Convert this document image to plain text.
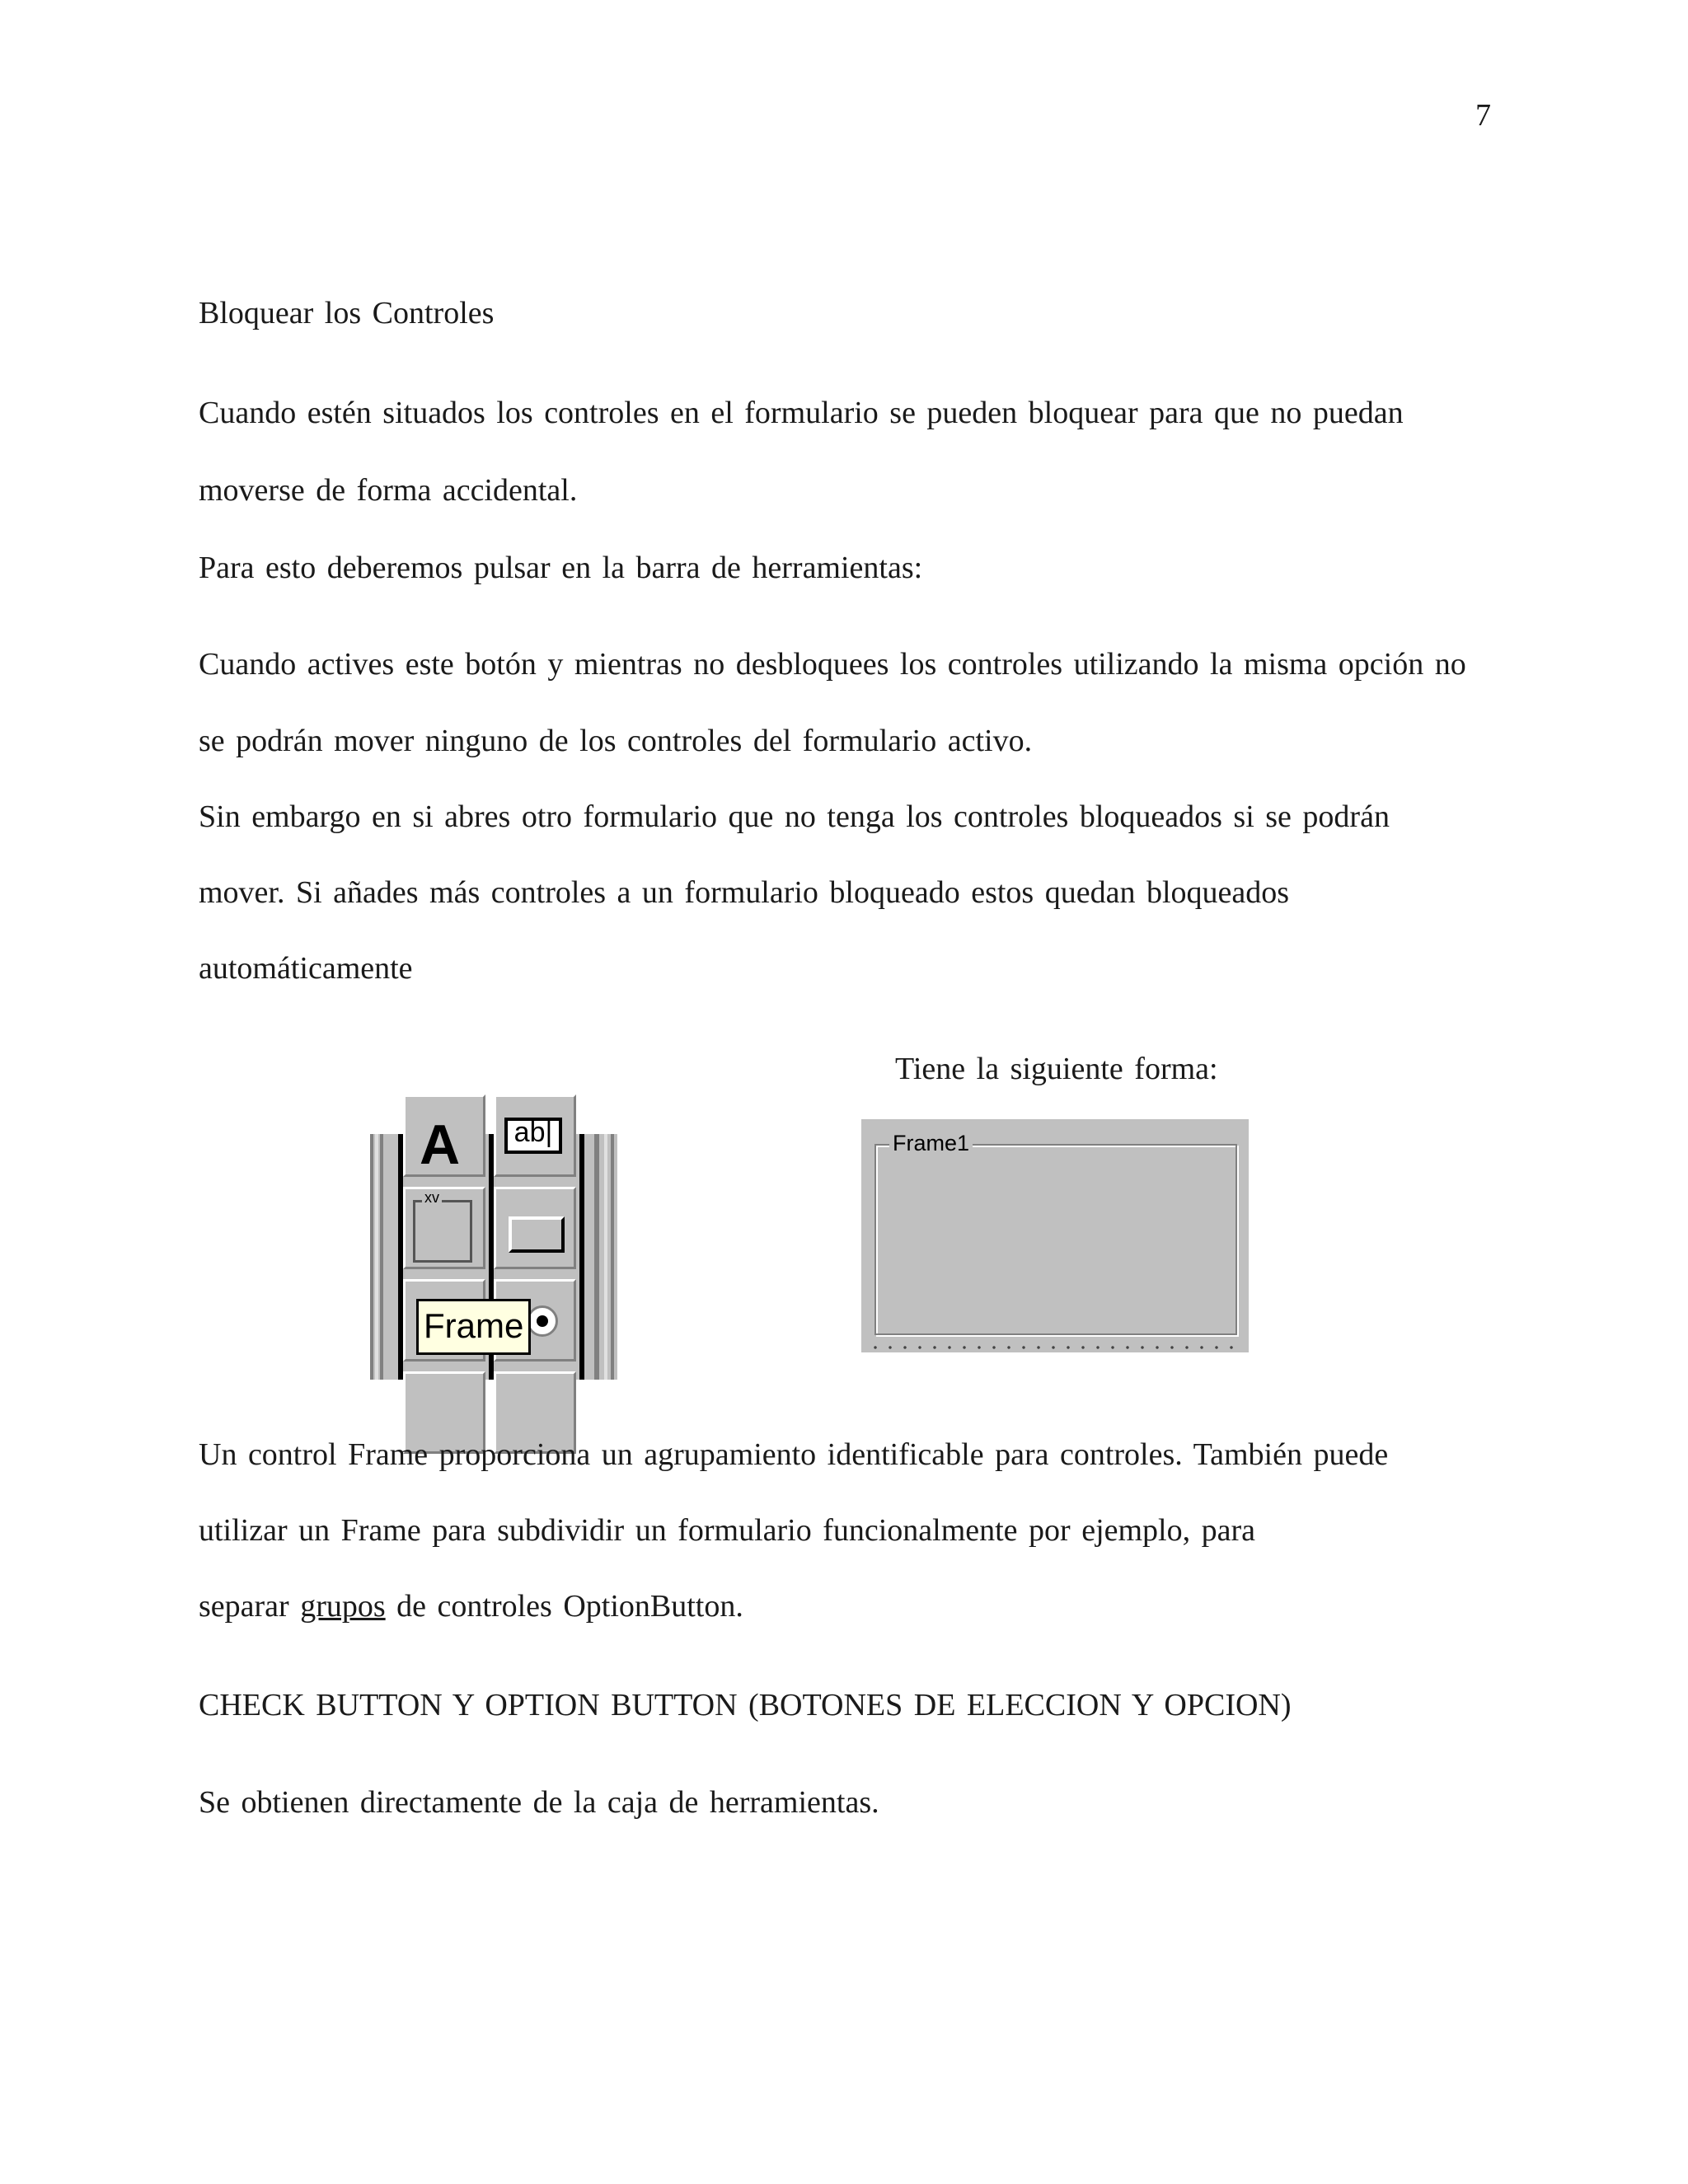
7

Bloquear los Controles

Cuando estén situados los controles en el formulario se pueden bloquear para que no puedan

moverse de forma accidental.

Para esto deberemos pulsar en la barra de herramientas:

Cuando actives este botón y mientras no desbloquees los controles utilizando la misma opción no

se podrán mover ninguno de los controles del formulario activo.

Sin embargo en si abres otro formulario que no tenga los controles bloqueados si se podrán

mover. Si añades más controles a un formulario bloqueado estos quedan bloqueados

automáticamente

Tiene la siguiente forma:

A	ab|
xv
Frame
Frame1

Un control Frame proporciona un agrupamiento identificable para controles. También puede

utilizar un Frame para subdividir un formulario funcionalmente por ejemplo, para

separar grupos de controles OptionButton.

CHECK BUTTON Y OPTION BUTTON (BOTONES DE ELECCION Y OPCION)

Se obtienen directamente de la caja de herramientas.
